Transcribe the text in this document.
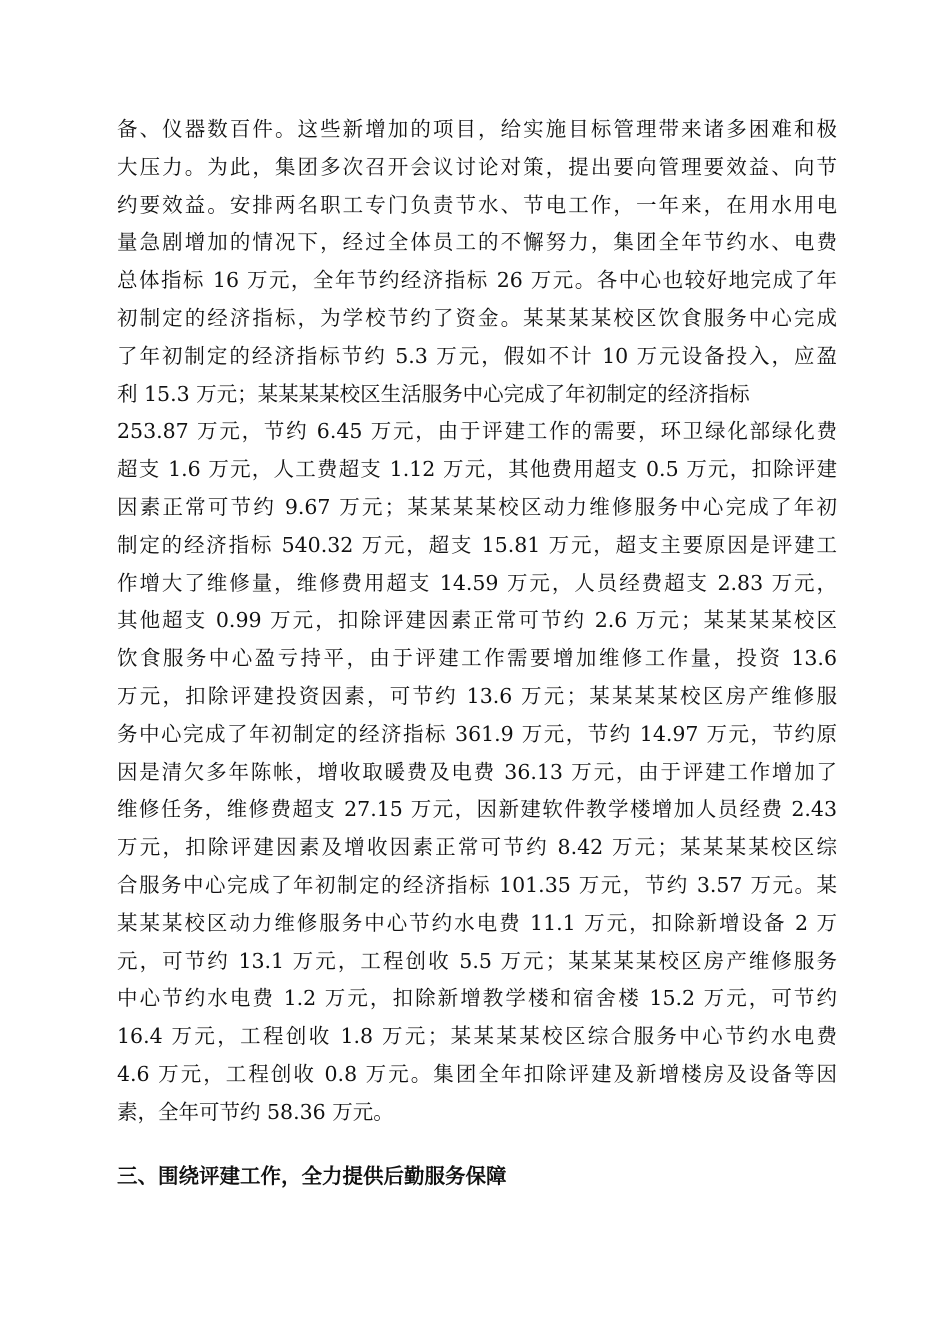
备、仪器数百件。这些新增加的项目，给实施目标管理带来诸多困难和极
大压力。为此，集团多次召开会议讨论对策，提出要向管理要效益、向节
约要效益。安排两名职工专门负责节水、节电工作，一年来，在用水用电
量急剧增加的情况下，经过全体员工的不懈努力，集团全年节约水、电费
总体指标 16 万元，全年节约经济指标 26 万元。各中心也较好地完成了年
初制定的经济指标，为学校节约了资金。某某某某校区饮食服务中心完成
了年初制定的经济指标节约 5.3 万元，假如不计 10 万元设备投入，应盈
利 15.3 万元；某某某某校区生活服务中心完成了年初制定的经济指标
253.87 万元，节约 6.45 万元，由于评建工作的需要，环卫绿化部绿化费
超支 1.6 万元，人工费超支 1.12 万元，其他费用超支 0.5 万元，扣除评建
因素正常可节约 9.67 万元；某某某某校区动力维修服务中心完成了年初
制定的经济指标 540.32 万元，超支 15.81 万元，超支主要原因是评建工
作增大了维修量，维修费用超支 14.59 万元，人员经费超支 2.83 万元，
其他超支 0.99 万元，扣除评建因素正常可节约 2.6 万元；某某某某校区
饮食服务中心盈亏持平，由于评建工作需要增加维修工作量，投资 13.6
万元，扣除评建投资因素，可节约 13.6 万元；某某某某校区房产维修服
务中心完成了年初制定的经济指标 361.9 万元，节约 14.97 万元，节约原
因是清欠多年陈帐，增收取暖费及电费 36.13 万元，由于评建工作增加了
维修任务，维修费超支 27.15 万元，因新建软件教学楼增加人员经费 2.43
万元，扣除评建因素及增收因素正常可节约 8.42 万元；某某某某校区综
合服务中心完成了年初制定的经济指标 101.35 万元，节约 3.57 万元。某
某某某校区动力维修服务中心节约水电费 11.1 万元，扣除新增设备 2 万
元，可节约 13.1 万元，工程创收 5.5 万元；某某某某校区房产维修服务
中心节约水电费 1.2 万元，扣除新增教学楼和宿舍楼 15.2 万元，可节约
16.4 万元，工程创收 1.8 万元；某某某某校区综合服务中心节约水电费
4.6 万元，工程创收 0.8 万元。集团全年扣除评建及新增楼房及设备等因
素，全年可节约 58.36 万元。
三、围绕评建工作，全力提供后勤服务保障
